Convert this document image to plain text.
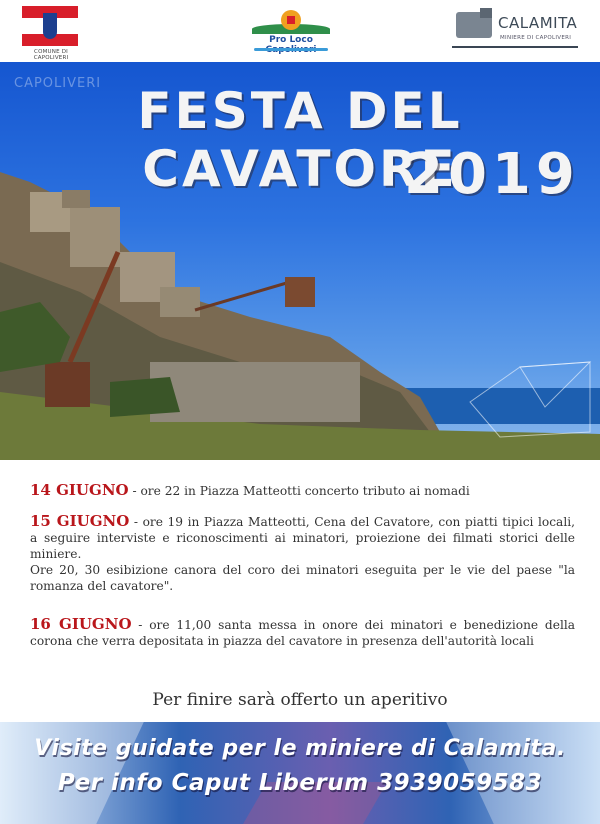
COMUNE DI CAPOLIVERI
Pro Loco
CALAMITA
MINIERE DI CAPOLIVERI
CAPOLIVERI FESTA DEL CAVATORE
2019

14 GIUGNO - ore 22 in Piazza Matteotti concerto tributo ai nomadi

15 GIUGNO - ore 19 in Piazza Matteotti, Cena del Cavatore, con piatti tipici locali, a seguire interviste e riconoscimenti ai minatori, proiezione dei filmati storici delle miniere.

Ore 20, 30 esibizione canora del coro dei minatori eseguita per le vie del paese "la romanza del cavatore".

16 GIUGNO - ore 11,00 santa messa in onore dei minatori e benedizione della corona che verra depositata in piazza del cavatore in presenza dell'autorità locali

Per finire sarà offerto un aperitivo
Visite guidate per le miniere di Calamita.
Per info Caput Liberum 3939059583
